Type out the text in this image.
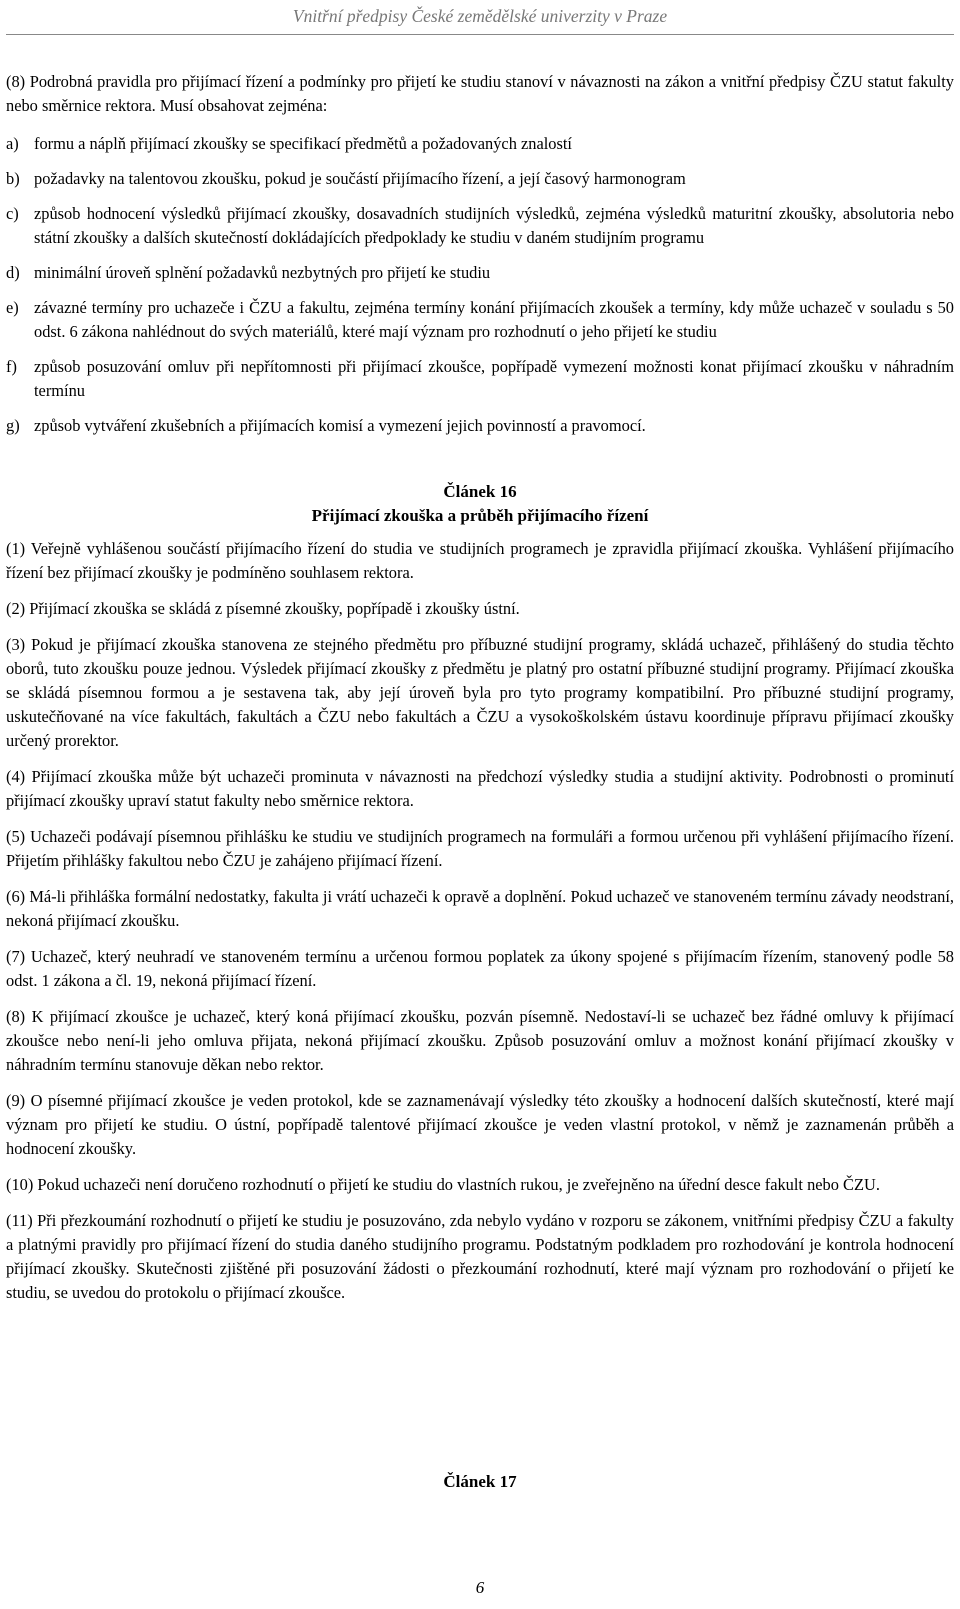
Vnitřní předpisy České zemědělské univerzity v Praze

(8) Podrobná pravidla pro přijímací řízení a podmínky pro přijetí ke studiu stanoví v návaznosti na zákon a vnitřní předpisy ČZU statut fakulty nebo směrnice rektora. Musí obsahovat zejména:

a) formu a náplň přijímací zkoušky se specifikací předmětů a požadovaných znalostí
b) požadavky na talentovou zkoušku, pokud je součástí přijímacího řízení, a její časový harmonogram
c) způsob hodnocení výsledků přijímací zkoušky, dosavadních studijních výsledků, zejména výsledků maturitní zkoušky, absolutoria nebo státní zkoušky a dalších skutečností dokládajících předpoklady ke studiu v daném studijním programu
d) minimální úroveň splnění požadavků nezbytných pro přijetí ke studiu
e) závazné termíny pro uchazeče i ČZU a fakultu, zejména termíny konání přijímacích zkoušek a termíny, kdy může uchazeč v souladu s 50 odst. 6 zákona nahlédnout do svých materiálů, které mají význam pro rozhodnutí o jeho přijetí ke studiu
f) způsob posuzování omluv při nepřítomnosti při přijímací zkoušce, popřípadě vymezení možnosti konat přijímací zkoušku v náhradním termínu
g) způsob vytváření zkušebních a přijímacích komisí a vymezení jejich povinností a pravomocí.

Článek 16

Přijímací zkouška a průběh přijímacího řízení

(1) Veřejně vyhlášenou součástí přijímacího řízení do studia ve studijních programech je zpravidla přijímací zkouška. Vyhlášení přijímacího řízení bez přijímací zkoušky je podmíněno souhlasem rektora.

(2) Přijímací zkouška se skládá z písemné zkoušky, popřípadě i zkoušky ústní.

(3) Pokud je přijímací zkouška stanovena ze stejného předmětu pro příbuzné studijní programy, skládá uchazeč, přihlášený do studia těchto oborů, tuto zkoušku pouze jednou. Výsledek přijímací zkoušky z předmětu je platný pro ostatní příbuzné studijní programy. Přijímací zkouška se skládá písemnou formou a je sestavena tak, aby její úroveň byla pro tyto programy kompatibilní. Pro příbuzné studijní programy, uskutečňované na více fakultách, fakultách a ČZU nebo fakultách a ČZU a vysokoškolském ústavu koordinuje přípravu přijímací zkoušky určený prorektor.

(4) Přijímací zkouška může být uchazeči prominuta v návaznosti na předchozí výsledky studia a studijní aktivity. Podrobnosti o prominutí přijímací zkoušky upraví statut fakulty nebo směrnice rektora.

(5) Uchazeči podávají písemnou přihlášku ke studiu ve studijních programech na formuláři a formou určenou při vyhlášení přijímacího řízení. Přijetím přihlášky fakultou nebo ČZU je zahájeno přijímací řízení.

(6) Má-li přihláška formální nedostatky, fakulta ji vrátí uchazeči k opravě a doplnění. Pokud uchazeč ve stanoveném termínu závady neodstraní, nekoná přijímací zkoušku.

(7) Uchazeč, který neuhradí ve stanoveném termínu a určenou formou poplatek za úkony spojené s přijímacím řízením, stanovený podle 58 odst. 1 zákona a čl. 19, nekoná přijímací řízení.

(8) K přijímací zkoušce je uchazeč, který koná přijímací zkoušku, pozván písemně. Nedostaví-li se uchazeč bez řádné omluvy k přijímací zkoušce nebo není-li jeho omluva přijata, nekoná přijímací zkoušku. Způsob posuzování omluv a možnost konání přijímací zkoušky v náhradním termínu stanovuje děkan nebo rektor.

(9) O písemné přijímací zkoušce je veden protokol, kde se zaznamenávají výsledky této zkoušky a hodnocení dalších skutečností, které mají význam pro přijetí ke studiu. O ústní, popřípadě talentové přijímací zkoušce je veden vlastní protokol, v němž je zaznamenán průběh a hodnocení zkoušky.

(10) Pokud uchazeči není doručeno rozhodnutí o přijetí ke studiu do vlastních rukou, je zveřejněno na úřední desce fakult nebo ČZU.

(11) Při přezkoumání rozhodnutí o přijetí ke studiu je posuzováno, zda nebylo vydáno v rozporu se zákonem, vnitřními předpisy ČZU a fakulty a platnými pravidly pro přijímací řízení do studia daného studijního programu. Podstatným podkladem pro rozhodování je kontrola hodnocení přijímací zkoušky. Skutečnosti zjištěné při posuzování žádosti o přezkoumání rozhodnutí, které mají význam pro rozhodování o přijetí ke studiu, se uvedou do protokolu o přijímací zkoušce.

Článek 17
6
